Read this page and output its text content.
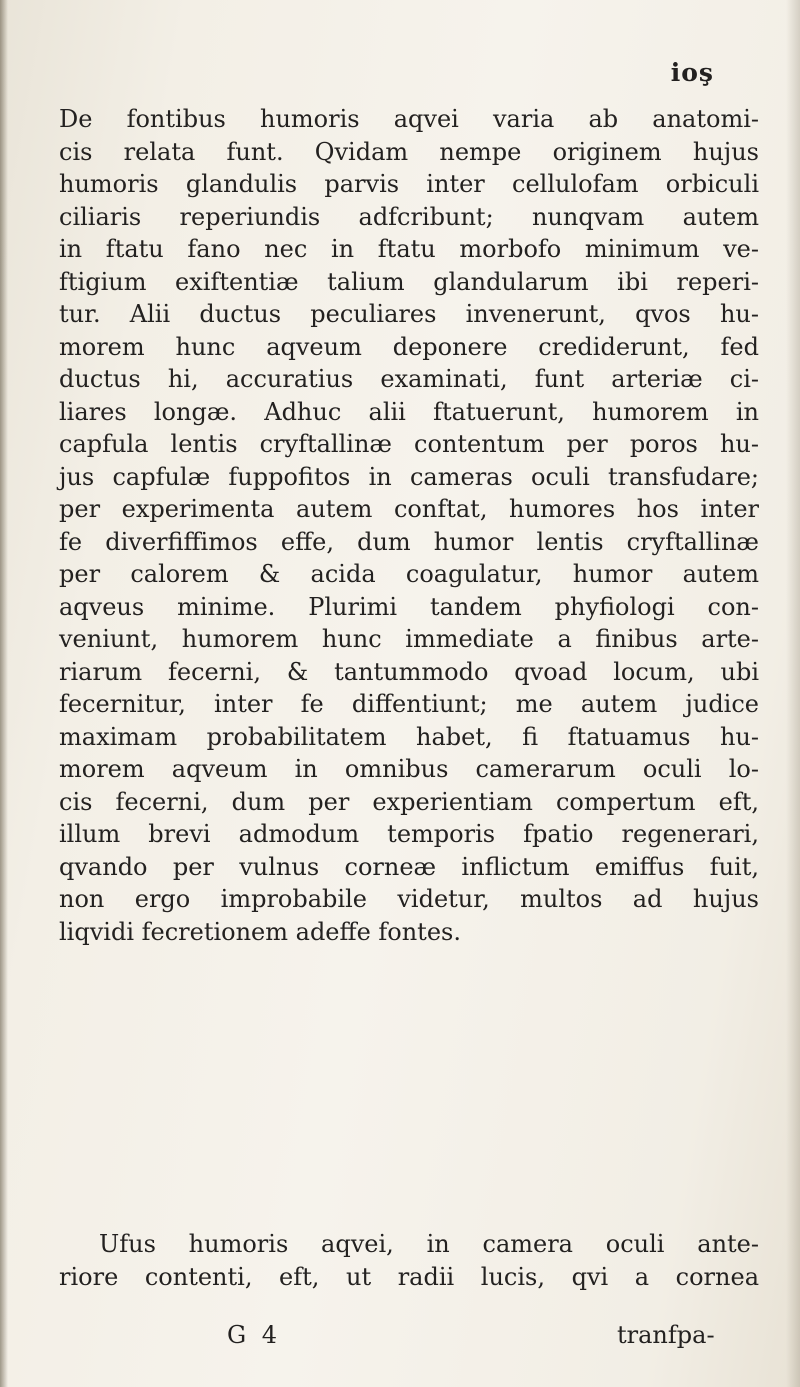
ioş
De fontibus humoris aqvei varia ab anatomi-
cis relata funt. Qvidam nempe originem hujus
humoris glandulis parvis inter cellulofam orbiculi
ciliaris reperiundis adfcribunt; nunqvam autem
in ftatu fano nec in ftatu morbofo minimum ve-
ftigium exiftentiæ talium glandularum ibi reperi-
tur. Alii ductus peculiares invenerunt, qvos hu-
morem hunc aqveum deponere crediderunt, fed
ductus hi, accuratius examinati, funt arteriæ ci-
liares longæ. Adhuc alii ftatuerunt, humorem in
capfula lentis cryftallinæ contentum per poros hu-
jus capfulæ fuppofitos in cameras oculi transfudare;
per experimenta autem conftat, humores hos inter
fe diverfiffimos effe, dum humor lentis cryftallinæ
per calorem & acida coagulatur, humor autem
aqveus minime. Plurimi tandem phyfiologi con-
veniunt, humorem hunc immediate a finibus arte-
riarum fecerni, & tantummodo qvoad locum, ubi
fecernitur, inter fe diffentiunt; me autem judice
maximam probabilitatem habet, fi ftatuamus hu-
morem aqveum in omnibus camerarum oculi lo-
cis fecerni, dum per experientiam compertum eft,
illum brevi admodum temporis fpatio regenerari,
qvando per vulnus corneæ inflictum emiffus fuit,
non ergo improbabile videtur, multos ad hujus
liqvidi fecretionem adeffe fontes.
Ufus humoris aqvei, in camera oculi ante-
riore contenti, eft, ut radii lucis, qvi a cornea
G 4	tranfpa-
